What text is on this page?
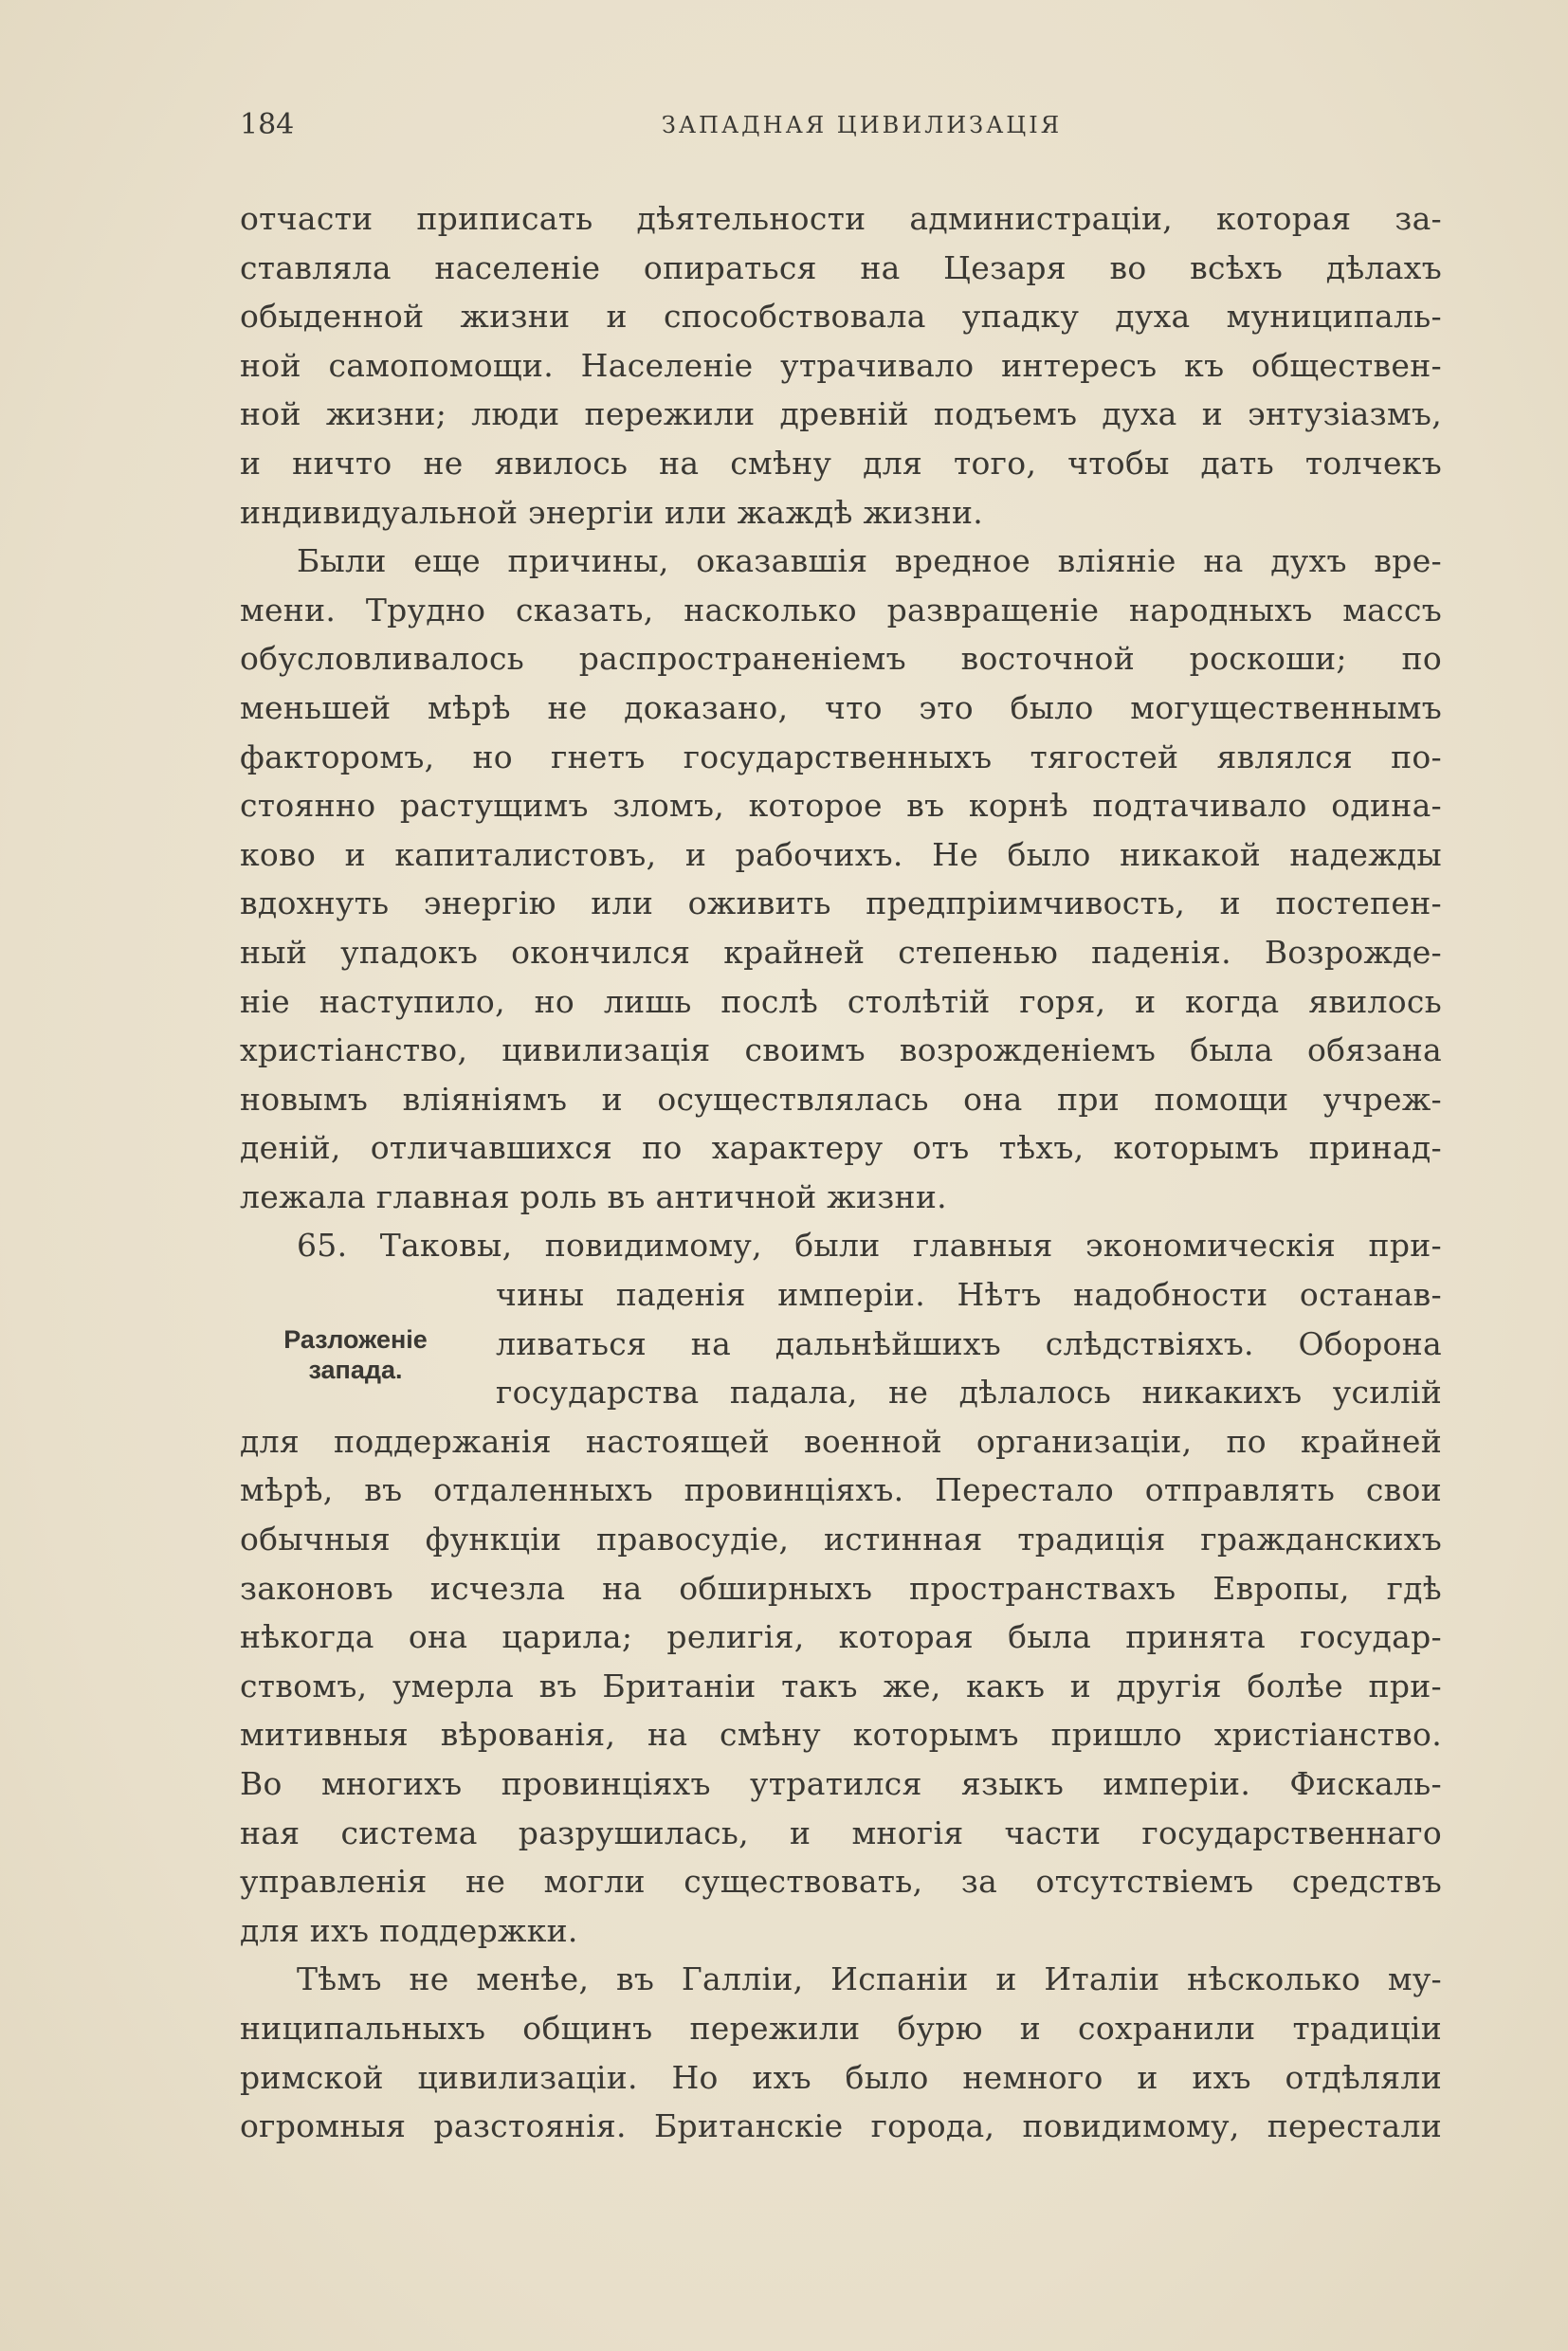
184	ЗАПАДНАЯ ЦИВИЛИЗАЦІЯ
Разложеніе
запада.
отчасти приписать дѣятельности администраціи, которая за-
ставляла населеніе опираться на Цезаря во всѣхъ дѣлахъ
обыденной жизни и способствовала упадку духа муниципаль-
ной самопомощи. Населеніе утрачивало интересъ къ обществен-
ной жизни; люди пережили древній подъемъ духа и энтузіазмъ,
и ничто не явилось на смѣну для того, чтобы дать толчекъ
индивидуальной энергіи или жаждѣ жизни.
Были еще причины, оказавшія вредное вліяніе на духъ вре-
мени. Трудно сказать, насколько развращеніе народныхъ массъ
обусловливалось распространеніемъ восточной роскоши; по
меньшей мѣрѣ не доказано, что это было могущественнымъ
факторомъ, но гнетъ государственныхъ тягостей являлся по-
стоянно растущимъ зломъ, которое въ корнѣ подтачивало одина-
ково и капиталистовъ, и рабочихъ. Не было никакой надежды
вдохнуть энергію или оживить предпріимчивость, и постепен-
ный упадокъ окончился крайней степенью паденія. Возрожде-
ніе наступило, но лишь послѣ столѣтій горя, и когда явилось
христіанство, цивилизація своимъ возрожденіемъ была обязана
новымъ вліяніямъ и осуществлялась она при помощи учреж-
деній, отличавшихся по характеру отъ тѣхъ, которымъ принад-
лежала главная роль въ античной жизни.
65. Таковы, повидимому, были главныя экономическія при-
чины паденія имперіи. Нѣтъ надобности останав-
ливаться на дальнѣйшихъ слѣдствіяхъ. Оборона
государства падала, не дѣлалось никакихъ усилій
для поддержанія настоящей военной организаціи, по крайней
мѣрѣ, въ отдаленныхъ провинціяхъ. Перестало отправлять свои
обычныя функціи правосудіе, истинная традиція гражданскихъ
законовъ исчезла на обширныхъ пространствахъ Европы, гдѣ
нѣкогда она царила; религія, которая была принята государ-
ствомъ, умерла въ Британіи такъ же, какъ и другія болѣе при-
митивныя вѣрованія, на смѣну которымъ пришло христіанство.
Во многихъ провинціяхъ утратился языкъ имперіи. Фискаль-
ная система разрушилась, и многія части государственнаго
управленія не могли существовать, за отсутствіемъ средствъ
для ихъ поддержки.
Тѣмъ не менѣе, въ Галліи, Испаніи и Италіи нѣсколько му-
ниципальныхъ общинъ пережили бурю и сохранили традиціи
римской цивилизаціи. Но ихъ было немного и ихъ отдѣляли
огромныя разстоянія. Британскіе города, повидимому, перестали
